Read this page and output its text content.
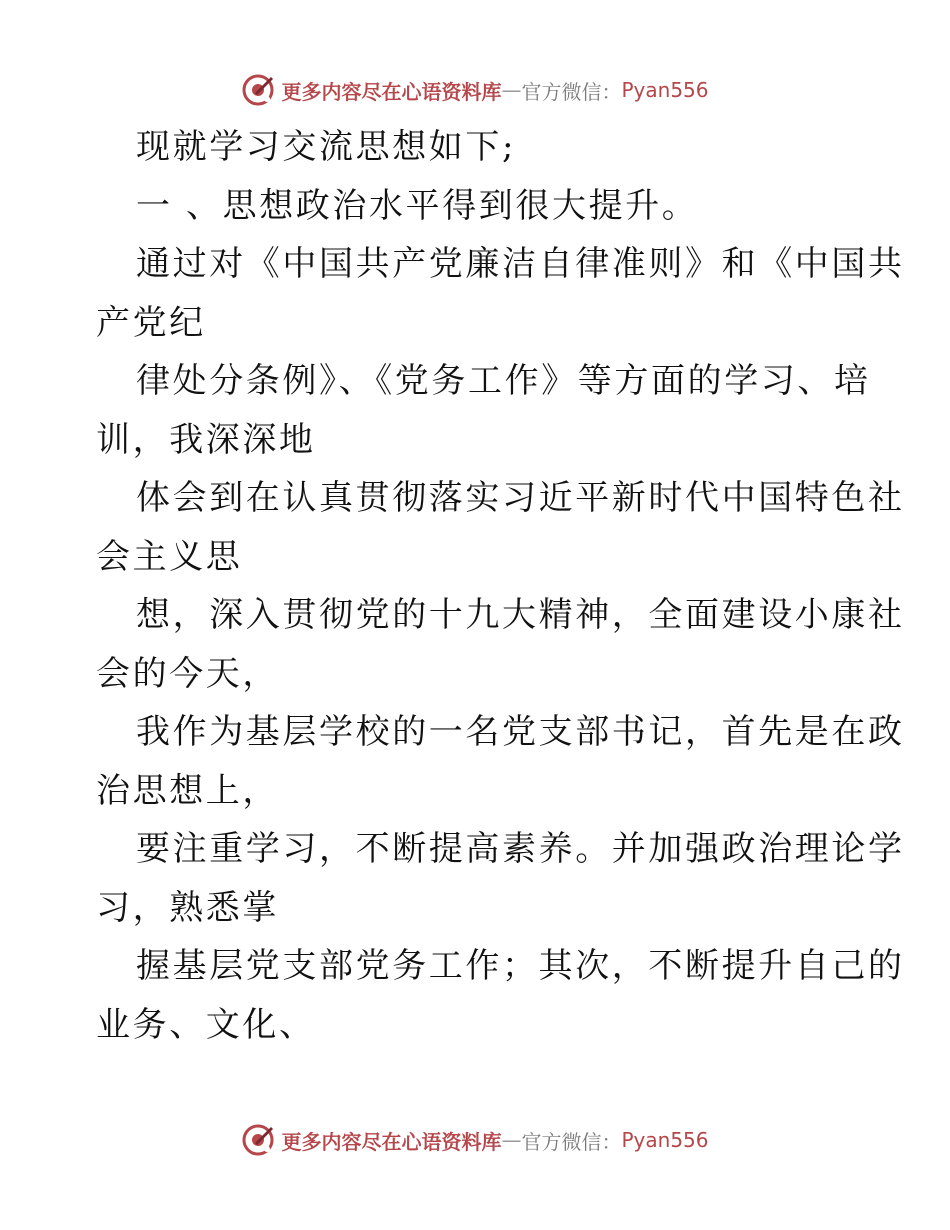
更多内容尽在心语资料库 — 官方微信： Pyan556
现就学习交流思想如下;
一 、思想政治水平得到很大提升。
通过对《中国共产党廉洁自律准则》和《中国共
产党纪
律处分条例》、《党务工作》等方面的学习、培
训，我深深地
体会到在认真贯彻落实习近平新时代中国特色社
会主义思
想，深入贯彻党的十九大精神，全面建设小康社
会的今天，
我作为基层学校的一名党支部书记，首先是在政
治思想上，
要注重学习，不断提高素养。并加强政治理论学
习，熟悉掌
握基层党支部党务工作；其次，不断提升自己的
业务、文化、
更多内容尽在心语资料库 — 官方微信： Pyan556
